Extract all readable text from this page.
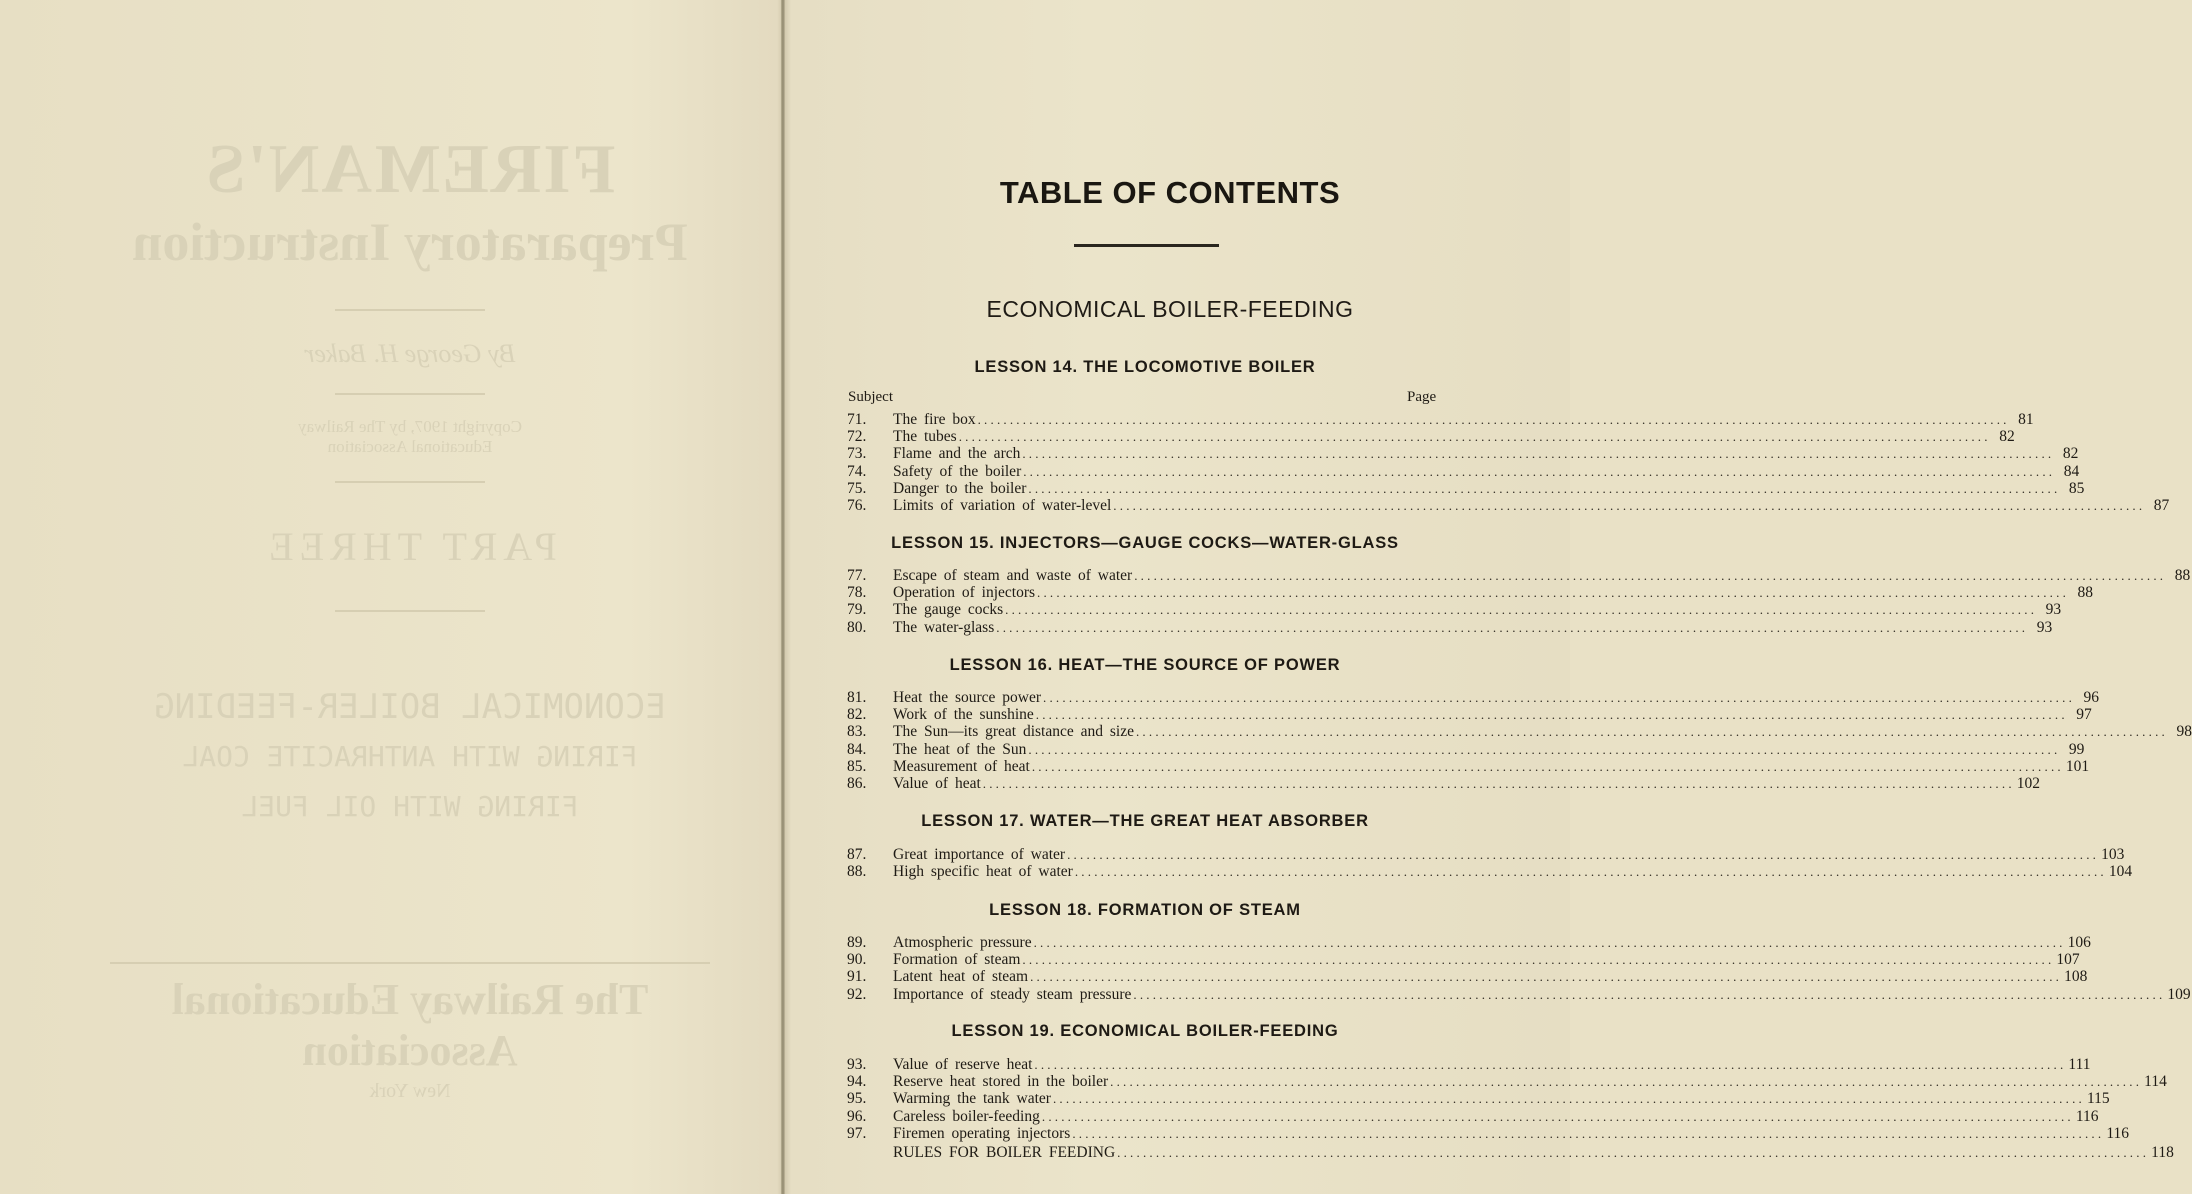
FIREMAN'S
Preparatory Instruction
By George H. Baker
Copyright 1907, by The Railway
Educational Association
PART THREE
ECONOMICAL BOILER-FEEDING
FIRING WITH ANTHRACITE COAL
FIRING WITH OIL FUEL
The Railway Educational Association
New York
TABLE OF CONTENTS
ECONOMICAL BOILER-FEEDING
LESSON 14. THE LOCOMOTIVE BOILER
Subject	Page
71.	The fire box ................................................................................................................................................................ 81
72.	The tubes ................................................................................................................................................................ 82
73.	Flame and the arch ................................................................................................................................................................ 82
74.	Safety of the boiler ................................................................................................................................................................ 84
75.	Danger to the boiler ................................................................................................................................................................ 85
76.	Limits of variation of water-level ................................................................................................................................................................ 87
LESSON 15. INJECTORS—GAUGE COCKS—WATER-GLASS
77.	Escape of steam and waste of water ................................................................................................................................................................ 88
78.	Operation of injectors ................................................................................................................................................................ 88
79.	The gauge cocks ................................................................................................................................................................ 93
80.	The water-glass ................................................................................................................................................................ 93
LESSON 16. HEAT—THE SOURCE OF POWER
81.	Heat the source power ................................................................................................................................................................ 96
82.	Work of the sunshine ................................................................................................................................................................ 97
83.	The Sun—its great distance and size ................................................................................................................................................................ 98
84.	The heat of the Sun ................................................................................................................................................................ 99
85.	Measurement of heat ................................................................................................................................................................ 101
86.	Value of heat ................................................................................................................................................................ 102
LESSON 17. WATER—THE GREAT HEAT ABSORBER
87.	Great importance of water ................................................................................................................................................................ 103
88.	High specific heat of water ................................................................................................................................................................ 104
LESSON 18. FORMATION OF STEAM
89.	Atmospheric pressure ................................................................................................................................................................ 106
90.	Formation of steam ................................................................................................................................................................ 107
91.	Latent heat of steam ................................................................................................................................................................ 108
92.	Importance of steady steam pressure ................................................................................................................................................................ 109
LESSON 19. ECONOMICAL BOILER-FEEDING
93.	Value of reserve heat ................................................................................................................................................................ 111
94.	Reserve heat stored in the boiler ................................................................................................................................................................ 114
95.	Warming the tank water ................................................................................................................................................................ 115
96.	Careless boiler-feeding ................................................................................................................................................................ 116
97.	Firemen operating injectors ................................................................................................................................................................ 116
RULES FOR BOILER FEEDING ................................................................................................................................................................ 118
